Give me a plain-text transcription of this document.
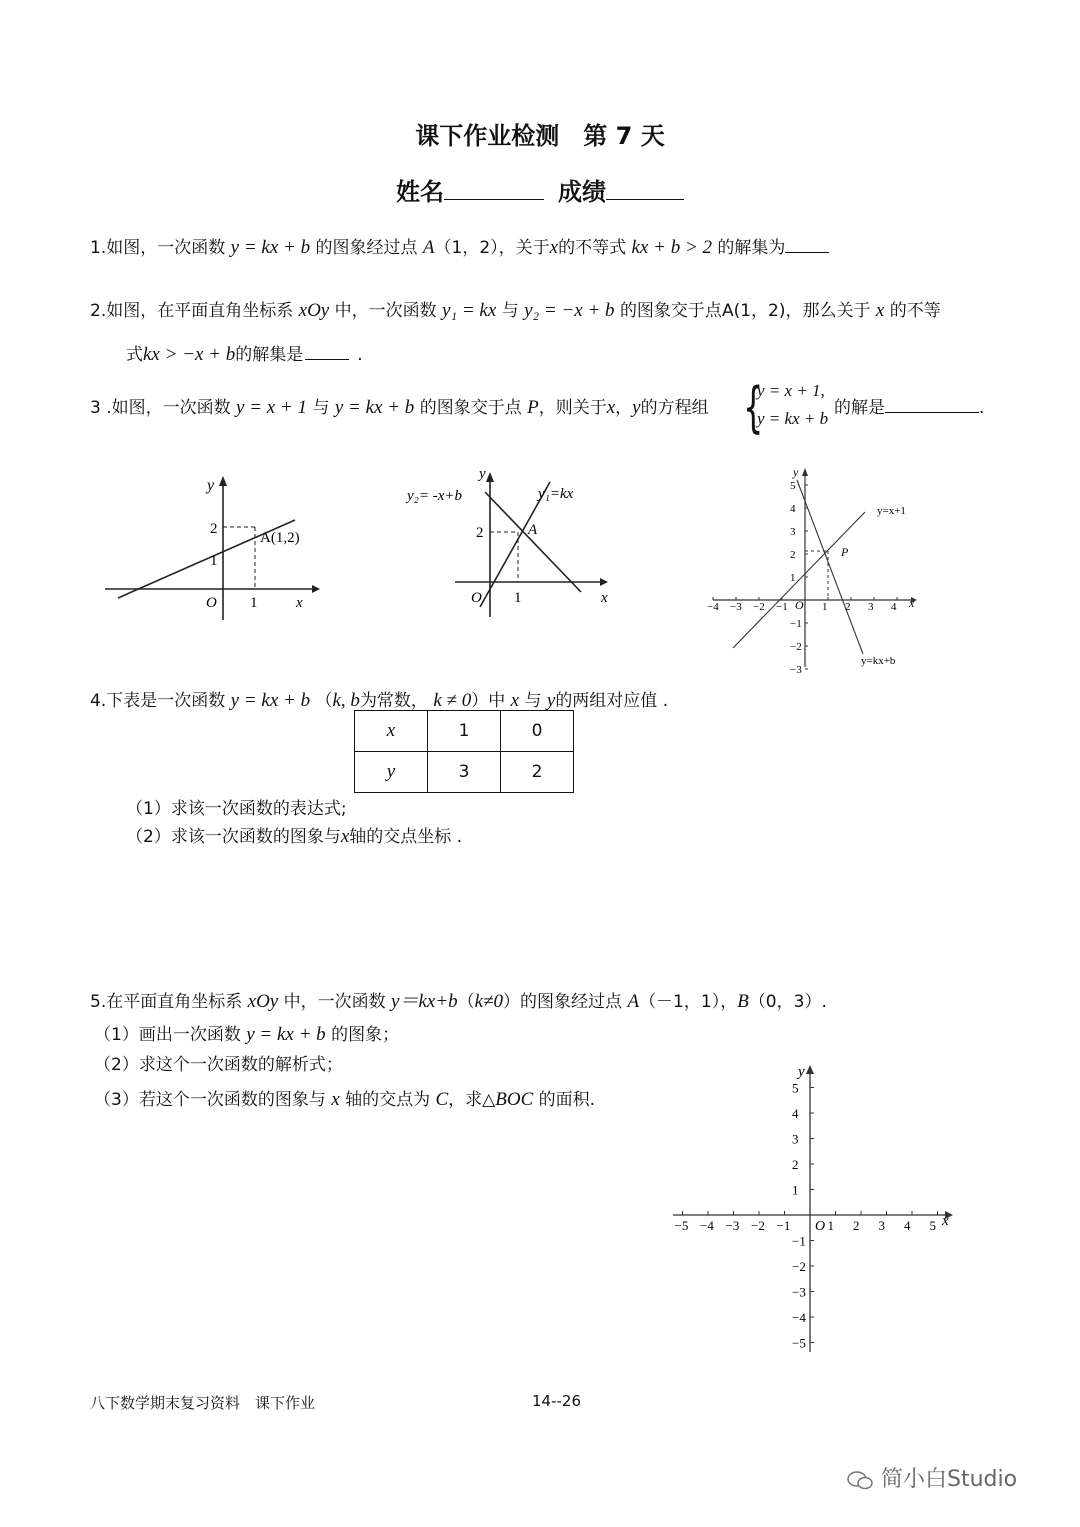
课下作业检测　第 7 天
姓名	成绩
1.如图，一次函数 y = kx + b 的图象经过点 A（1，2），关于x的不等式 kx + b > 2 的解集为
2.如图，在平面直角坐标系 xOy 中，一次函数 y₁ = kx 与 y₂ = −x + b 的图象交于点A(1，2)，那么关于 x 的不等
式kx > −x + b的解集是	.
3 .如图，一次函数 y = x + 1 与 y = kx + b 的图象交于点 P，则关于x，y的方程组 {
y = x + 1,
y = kx + b
的解是	.
y
x
O
1
2
1
A(1,2)
y
x
O
2
1
y₂= -x+b	y₁=kx
A
y
x
O
P
y=x+1
y=kx+b
−4 −3 −2 −1	1 2 3 4
5
4
3
2
1
−1
−2
−3
4.下表是一次函数 y = kx + b （k, b为常数， k ≠ 0）中 x 与 y的两组对应值 .
x	1	0
y	3	2
（1）求该一次函数的表达式;
（2）求该一次函数的图象与x轴的交点坐标 .
5.在平面直角坐标系 xOy 中，一次函数 y＝kx+b（k≠0）的图象经过点 A（－1，1），B（0，3）.
（1）画出一次函数 y = kx + b 的图象；
（2）求这个一次函数的解析式；
（3）若这个一次函数的图象与 x 轴的交点为 C，求△BOC 的面积.
y
x
O
−5 −4 −3 −2 −1	1 2 3 4 5
5
4
3
2
1
−1
−2
−3
−4
−5
八下数学期末复习资料　课下作业	14--26
简小白Studio
